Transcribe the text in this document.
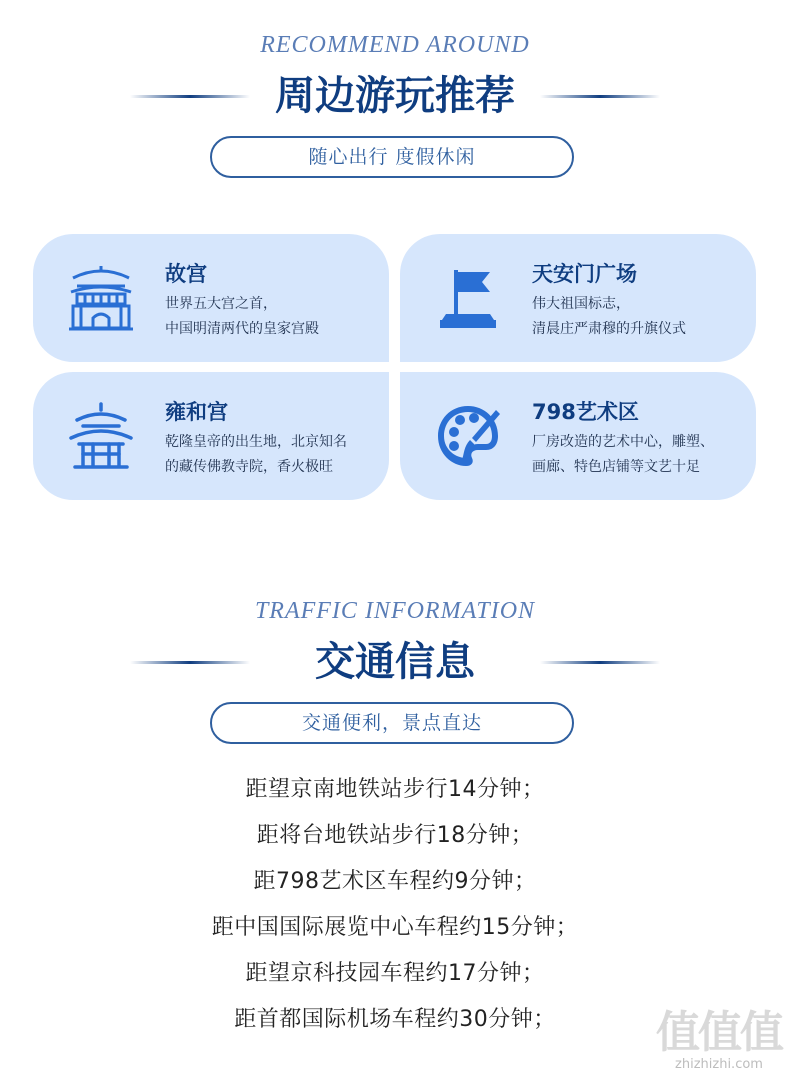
RECOMMEND AROUND
周边游玩推荐
随心出行 度假休闲
故宫
世界五大宫之首，
中国明清两代的皇家宫殿
天安门广场
伟大祖国标志，
清晨庄严肃穆的升旗仪式
雍和宫
乾隆皇帝的出生地，北京知名
的藏传佛教寺院，香火极旺
798艺术区
厂房改造的艺术中心，雕塑、
画廊、特色店铺等文艺十足
TRAFFIC INFORMATION
交通信息
交通便利，景点直达
距望京南地铁站步行14分钟；
距将台地铁站步行18分钟；
距798艺术区车程约9分钟；
距中国国际展览中心车程约15分钟；
距望京科技园车程约17分钟；
距首都国际机场车程约30分钟；	值值值
zhizhizhi.com
